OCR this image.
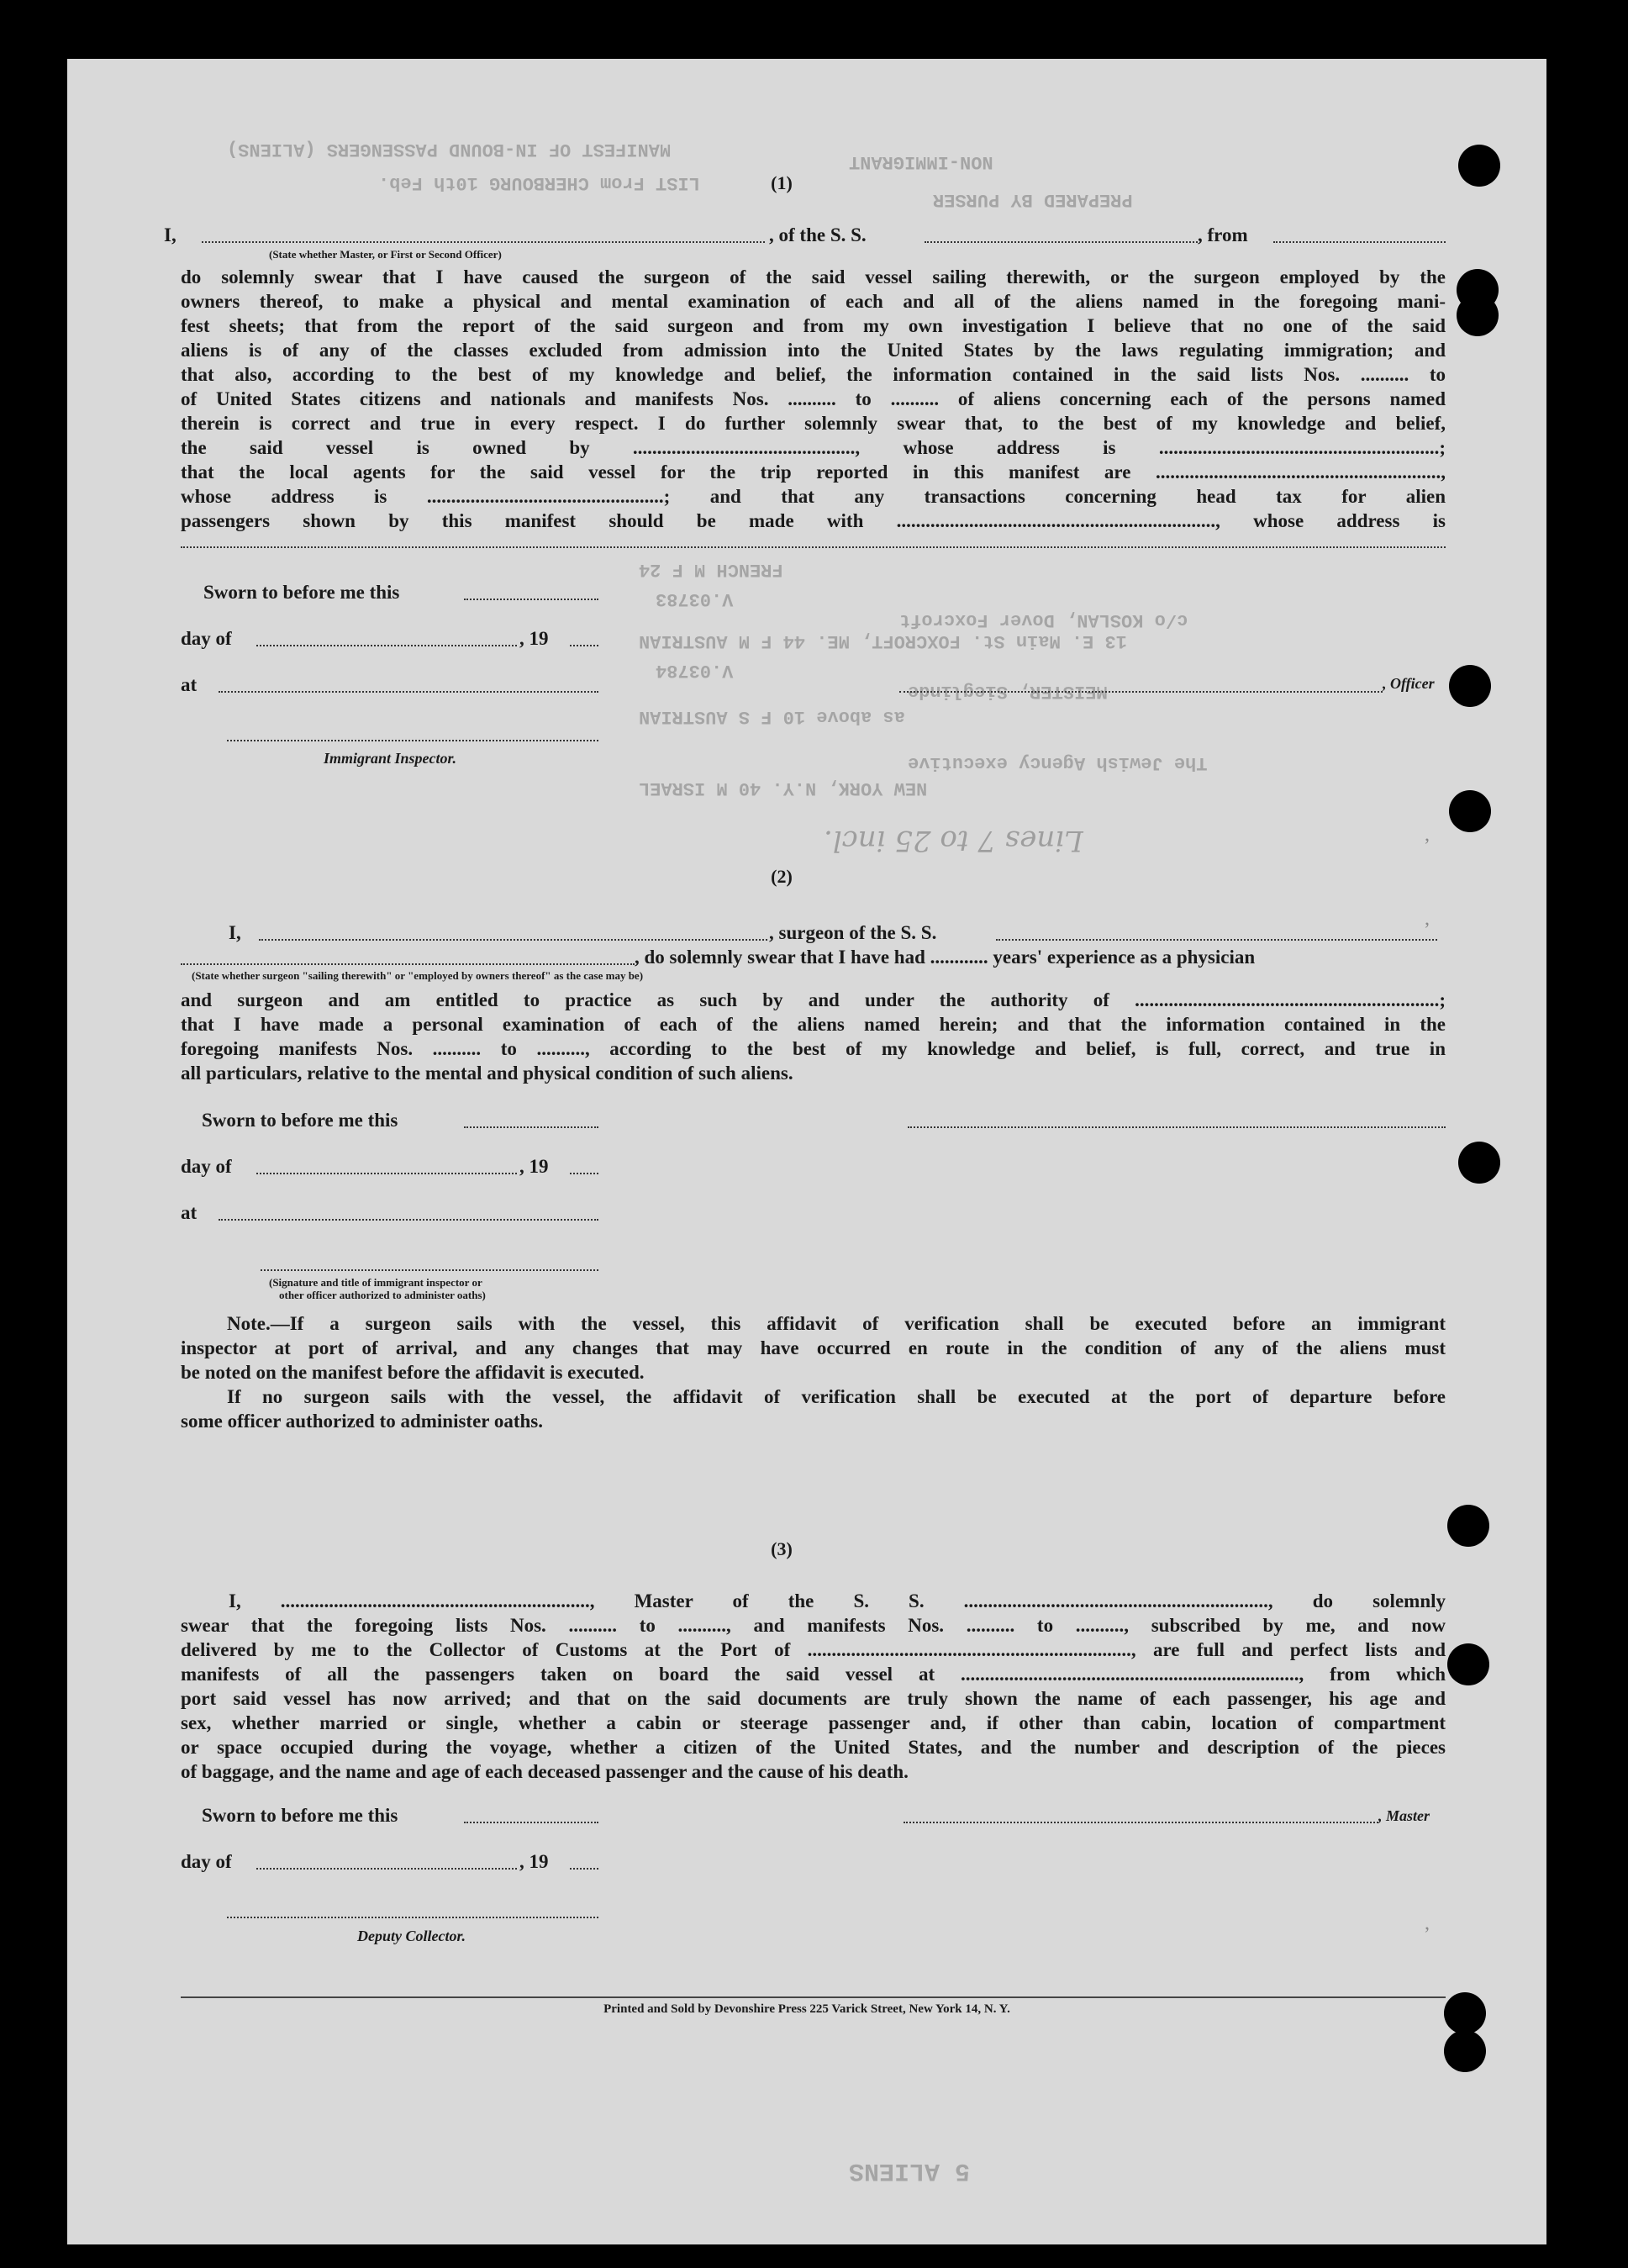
MANIFEST OF IN-BOUND PASSENGERS (ALIENS)
LIST From CHERBOURG 10th Feb.
NON-IMMIGRANT
PREPARED BY PURSER
FRENCH M F 24
V.03783
c/o KOSLAN, Dover Foxcroft
13 E. Main St. FOXCROFT, ME. 44 F M AUSTRIAN
V.03784
MEISTER, Sieglinde
as above 10 F S AUSTRIAN
The Jewish Agency executive
NEW YORK, N.Y. 40 M ISRAEL
5 ALIENS
Lines 7 to 25 incl.
(1)
I,	, of the S. S.	, from
(State whether Master, or First or Second Officer)
do solemnly swear that I have caused the surgeon of the said vessel sailing therewith, or the surgeon employed by the
owners thereof, to make a physical and mental examination of each and all of the aliens named in the foregoing mani-
fest sheets; that from the report of the said surgeon and from my own investigation I believe that no one of the said
aliens is of any of the classes excluded from admission into the United States by the laws regulating immigration; and
that also, according to the best of my knowledge and belief, the information contained in the said lists Nos. .......... to
of United States citizens and nationals and manifests Nos. .......... to .......... of aliens concerning each of the persons named
therein is correct and true in every respect. I do further solemnly swear that, to the best of my knowledge and belief,
the said vessel is owned by .............................................., whose address is ..........................................................;
that the local agents for the said vessel for the trip reported in this manifest are ...........................................................,
whose address is .................................................; and that any transactions concerning head tax for alien
passengers shown by this manifest should be made with .................................................................., whose address is
Sworn to before me this
day of	, 19
at	, Officer
Immigrant Inspector.
(2)
I,	, surgeon of the S. S.
, do solemnly swear that I have had ............ years' experience as a physician
(State whether surgeon "sailing therewith" or "employed by owners thereof" as the case may be)
and surgeon and am entitled to practice as such by and under the authority of ...............................................................;
that I have made a personal examination of each of the aliens named herein; and that the information contained in the
foregoing manifests Nos. .......... to .........., according to the best of my knowledge and belief, is full, correct, and true in
all particulars, relative to the mental and physical condition of such aliens.
Sworn to before me this
day of	, 19
at
(Signature and title of immigrant inspector or
other officer authorized to administer oaths)
Note.—If a surgeon sails with the vessel, this affidavit of verification shall be executed before an immigrant
inspector at port of arrival, and any changes that may have occurred en route in the condition of any of the aliens must
be noted on the manifest before the affidavit is executed.
If no surgeon sails with the vessel, the affidavit of verification shall be executed at the port of departure before
some officer authorized to administer oaths.
(3)
I, ................................................................, Master of the S. S. ..............................................................., do solemnly
swear that the foregoing lists Nos. .......... to .........., and manifests Nos. .......... to .........., subscribed by me, and now
delivered by me to the Collector of Customs at the Port of ..................................................................., are full and perfect lists and
manifests of all the passengers taken on board the said vessel at ......................................................................, from which
port said vessel has now arrived; and that on the said documents are truly shown the name of each passenger, his age and
sex, whether married or single, whether a cabin or steerage passenger and, if other than cabin, location of compartment
or space occupied during the voyage, whether a citizen of the United States, and the number and description of the pieces
of baggage, and the name and age of each deceased passenger and the cause of his death.
Sworn to before me this	, Master
day of	, 19
Deputy Collector.
Printed and Sold by Devonshire Press 225 Varick Street, New York 14, N. Y.
,
,
,
